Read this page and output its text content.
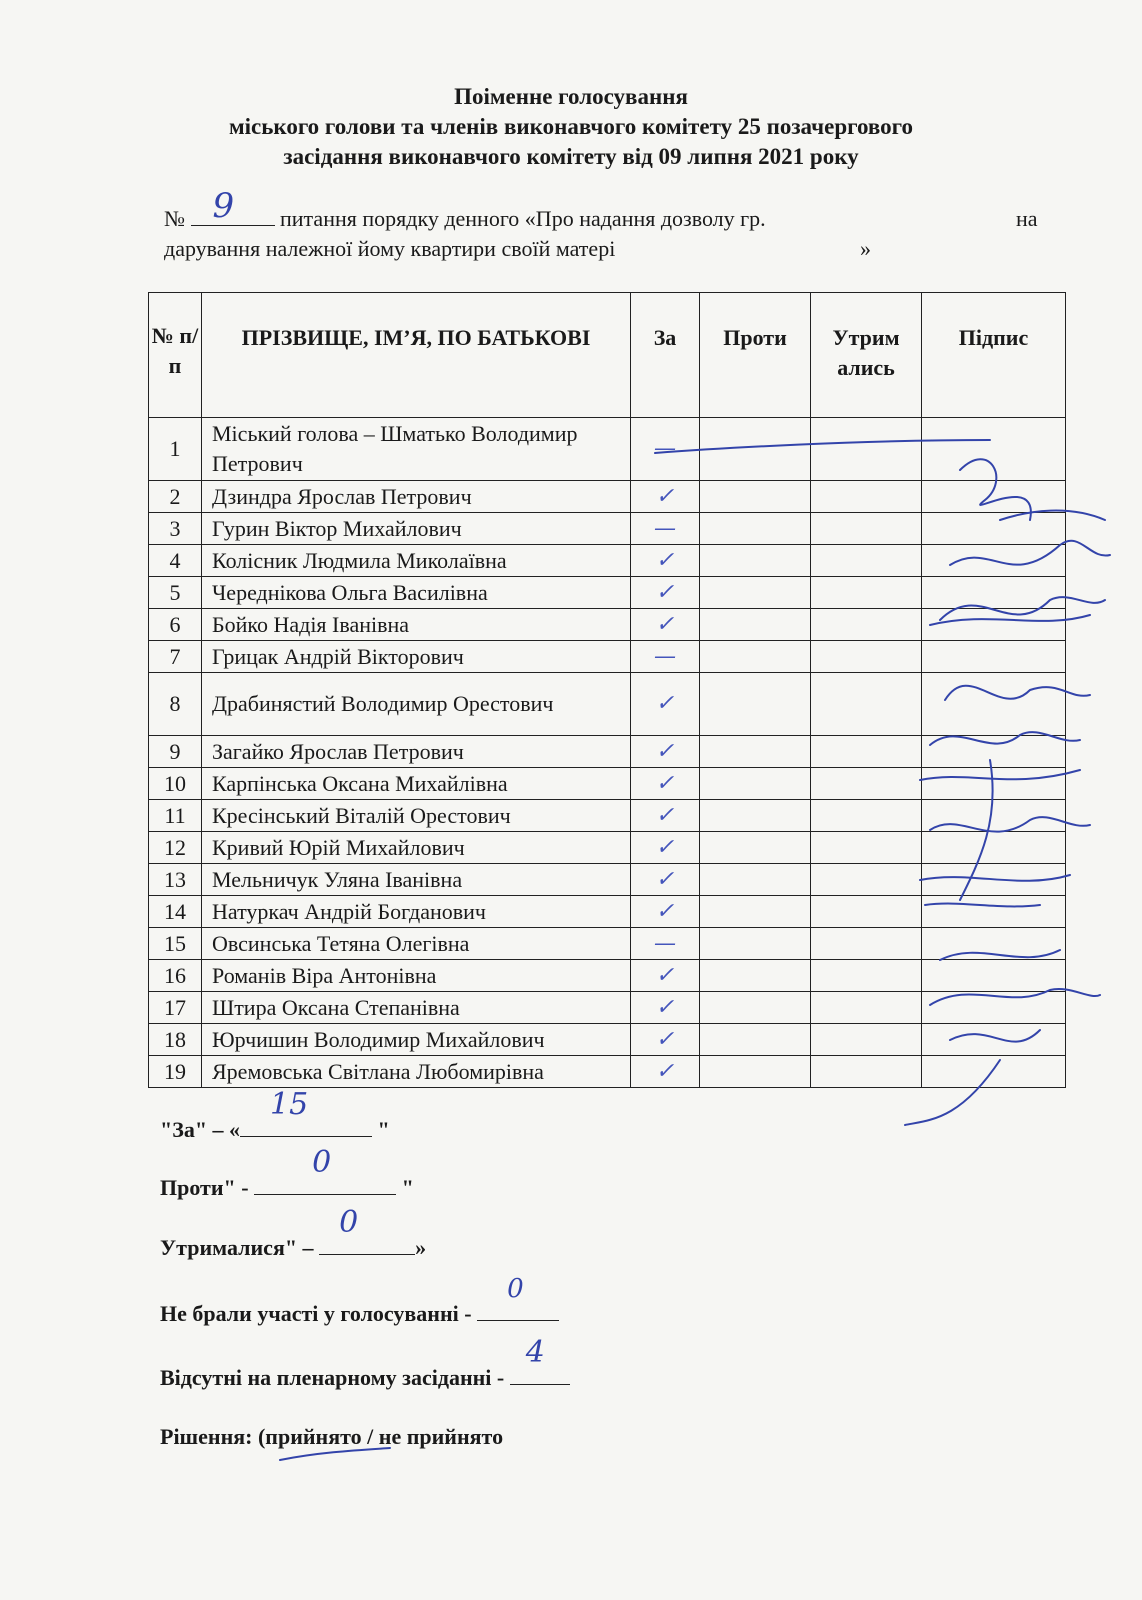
Поіменне голосування
міського голови та членів виконавчого комітету 25 позачергового
засідання виконавчого комітету від 09 липня 2021 року
№ 9 питання порядку денного «Про надання дозволу гр.	на
дарування належної йому квартири своїй матері	»
№ п/п	ПРІЗВИЩЕ, ІМ’Я, ПО БАТЬКОВІ	За	Проти	Утрим ались	Підпис
1	Міський голова – Шматько Володимир Петрович	—			
2	Дзиндра Ярослав Петрович	✓			
3	Гурин Віктор Михайлович	—			
4	Колісник Людмила Миколаївна	✓			
5	Череднікова Ольга Василівна	✓			
6	Бойко Надія Іванівна	✓			
7	Грицак Андрій Вікторович	—			
8	Драбинястий Володимир Орестович	✓			
9	Загайко Ярослав Петрович	✓			
10	Карпінська Оксана Михайлівна	✓			
11	Кресінський Віталій Орестович	✓			
12	Кривий Юрій Михайлович	✓			
13	Мельничук Уляна Іванівна	✓			
14	Натуркач Андрій Богданович	✓			
15	Овсинська Тетяна Олегівна	—			
16	Романів Віра Антонівна	✓			
17	Штира Оксана Степанівна	✓			
18	Юрчишин Володимир Михайлович	✓			
19	Яремовська Світлана Любомирівна	✓			
"За" – «
15
"
Проти" -
0
"
Утрималися" –
0
»
Не брали участі у голосуванні -
0
Відсутні на пленарному засіданні -
4
Рішення: (прийнято / не прийнято
